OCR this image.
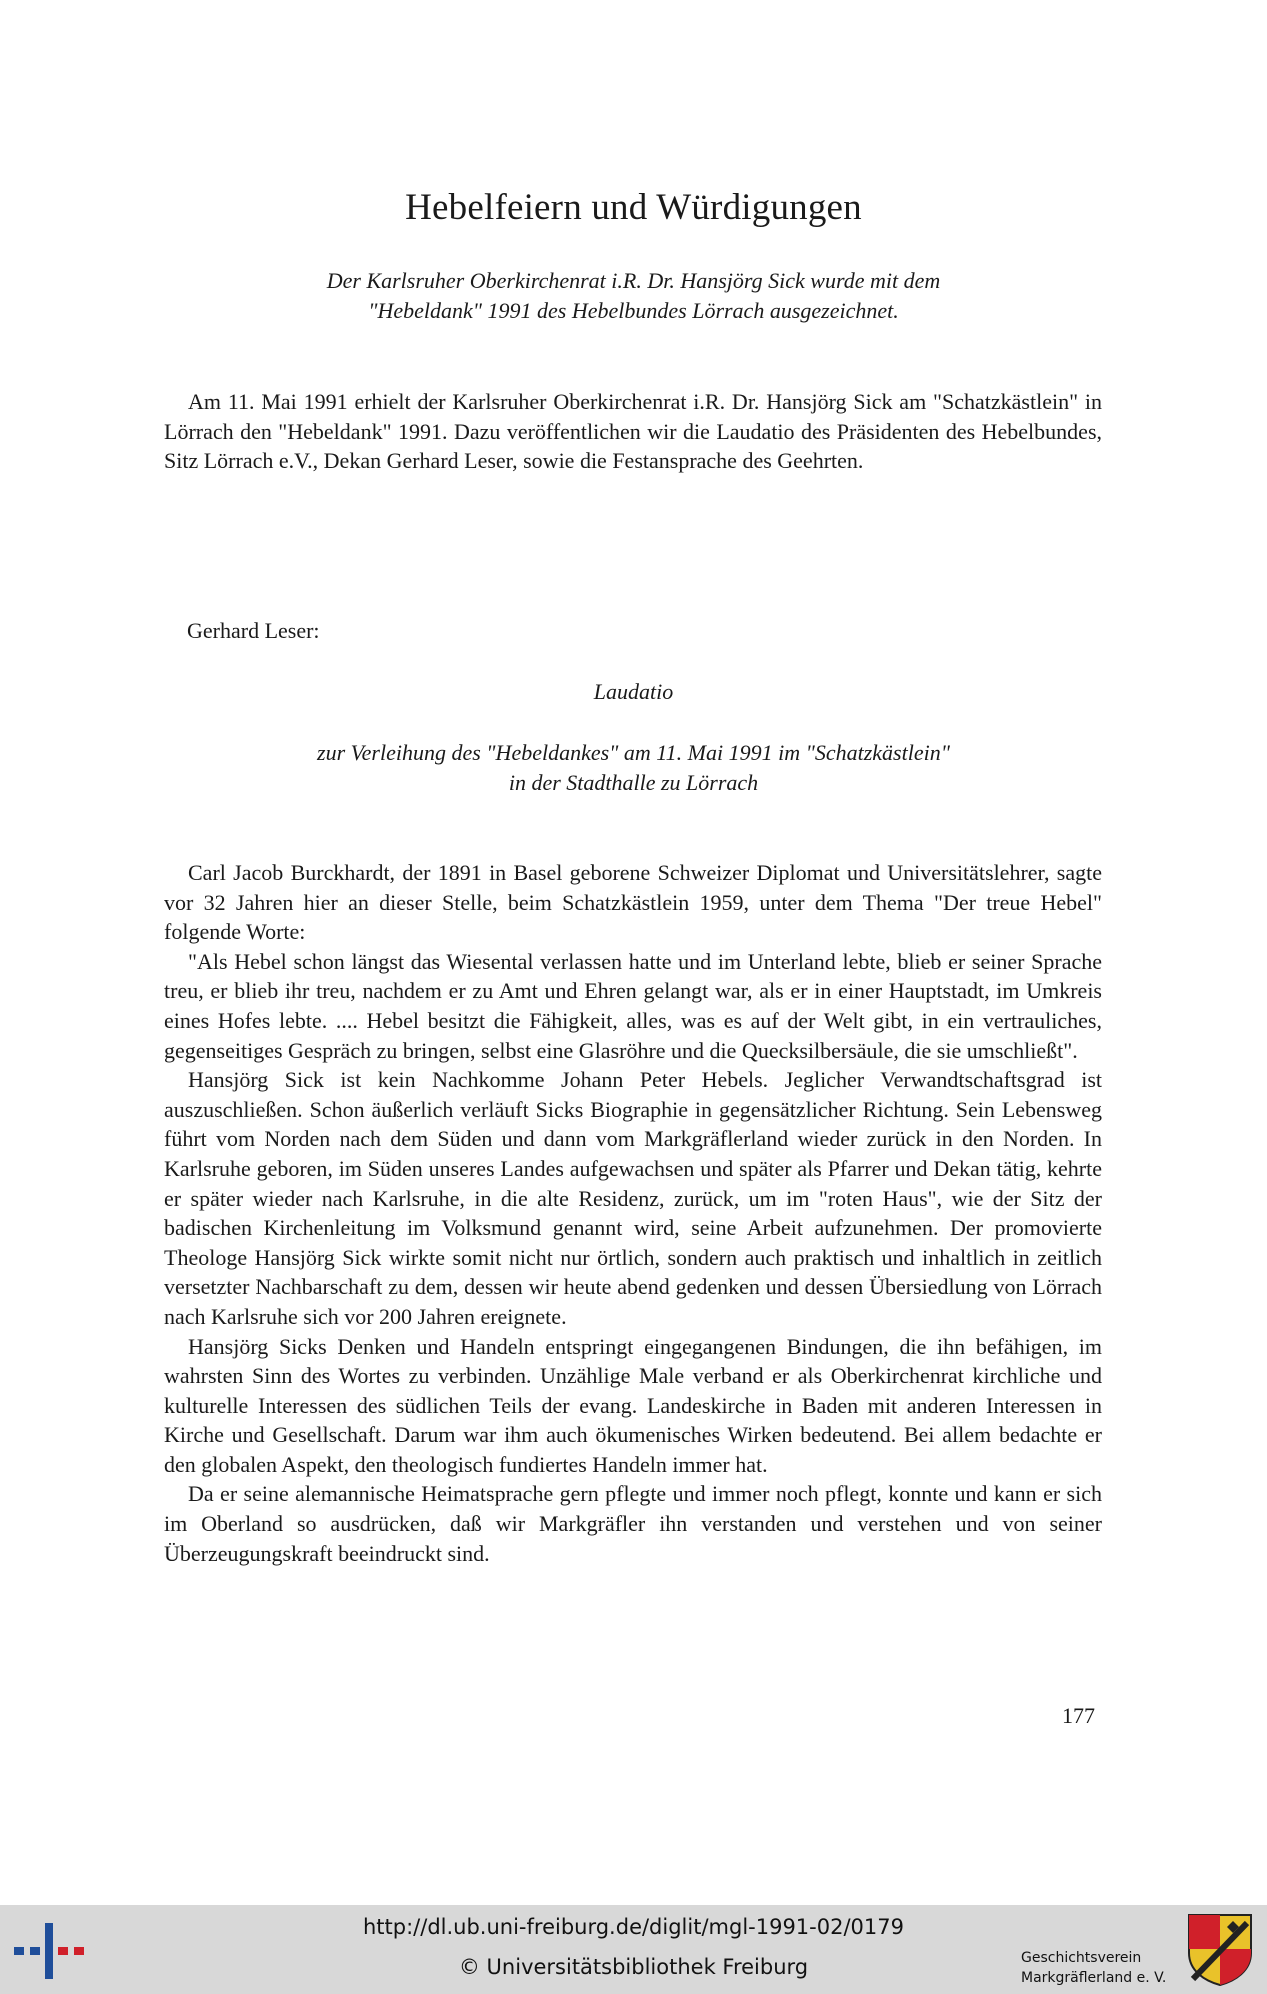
Hebelfeiern und Würdigungen
Der Karlsruher Oberkirchenrat i.R. Dr. Hansjörg Sick wurde mit dem
"Hebeldank" 1991 des Hebelbundes Lörrach ausgezeichnet.

Am 11. Mai 1991 erhielt der Karlsruher Oberkirchenrat i.R. Dr. Hansjörg Sick am "Schatzkästlein" in Lörrach den "Hebeldank" 1991. Dazu veröffentlichen wir die Laudatio des Präsidenten des Hebelbundes, Sitz Lörrach e.V., Dekan Gerhard Leser, sowie die Festansprache des Geehrten.

Gerhard Leser:
Laudatio
zur Verleihung des "Hebeldankes" am 11. Mai 1991 im "Schatzkästlein"
in der Stadthalle zu Lörrach

Carl Jacob Burckhardt, der 1891 in Basel geborene Schweizer Diplomat und Universitätslehrer, sagte vor 32 Jahren hier an dieser Stelle, beim Schatzkästlein 1959, unter dem Thema "Der treue Hebel" folgende Worte:

"Als Hebel schon längst das Wiesental verlassen hatte und im Unterland lebte, blieb er seiner Sprache treu, er blieb ihr treu, nachdem er zu Amt und Ehren gelangt war, als er in einer Hauptstadt, im Umkreis eines Hofes lebte. .... Hebel besitzt die Fähigkeit, alles, was es auf der Welt gibt, in ein vertrauliches, gegenseitiges Gespräch zu bringen, selbst eine Glasröhre und die Quecksilbersäule, die sie umschließt".

Hansjörg Sick ist kein Nachkomme Johann Peter Hebels. Jeglicher Verwandtschaftsgrad ist auszuschließen. Schon äußerlich verläuft Sicks Biographie in gegensätzlicher Richtung. Sein Lebensweg führt vom Norden nach dem Süden und dann vom Markgräflerland wieder zurück in den Norden. In Karlsruhe geboren, im Süden unseres Landes aufgewachsen und später als Pfarrer und Dekan tätig, kehrte er später wieder nach Karlsruhe, in die alte Residenz, zurück, um im "roten Haus", wie der Sitz der badischen Kirchenleitung im Volksmund genannt wird, seine Arbeit aufzunehmen. Der promovierte Theologe Hansjörg Sick wirkte somit nicht nur örtlich, sondern auch praktisch und inhaltlich in zeitlich versetzter Nachbarschaft zu dem, dessen wir heute abend gedenken und dessen Übersiedlung von Lörrach nach Karlsruhe sich vor 200 Jahren ereignete.

Hansjörg Sicks Denken und Handeln entspringt eingegangenen Bindungen, die ihn befähigen, im wahrsten Sinn des Wortes zu verbinden. Unzählige Male verband er als Oberkirchenrat kirchliche und kulturelle Interessen des südlichen Teils der evang. Landeskirche in Baden mit anderen Interessen in Kirche und Gesellschaft. Darum war ihm auch ökumenisches Wirken bedeutend. Bei allem bedachte er den globalen Aspekt, den theologisch fundiertes Handeln immer hat.

Da er seine alemannische Heimatsprache gern pflegte und immer noch pflegt, konnte und kann er sich im Oberland so ausdrücken, daß wir Markgräfler ihn verstanden und verstehen und von seiner Überzeugungskraft beeindruckt sind.

177
http://dl.ub.uni-freiburg.de/diglit/mgl-1991-02/0179
© Universitätsbibliothek Freiburg	Geschichtsverein
Markgräflerland e. V.
